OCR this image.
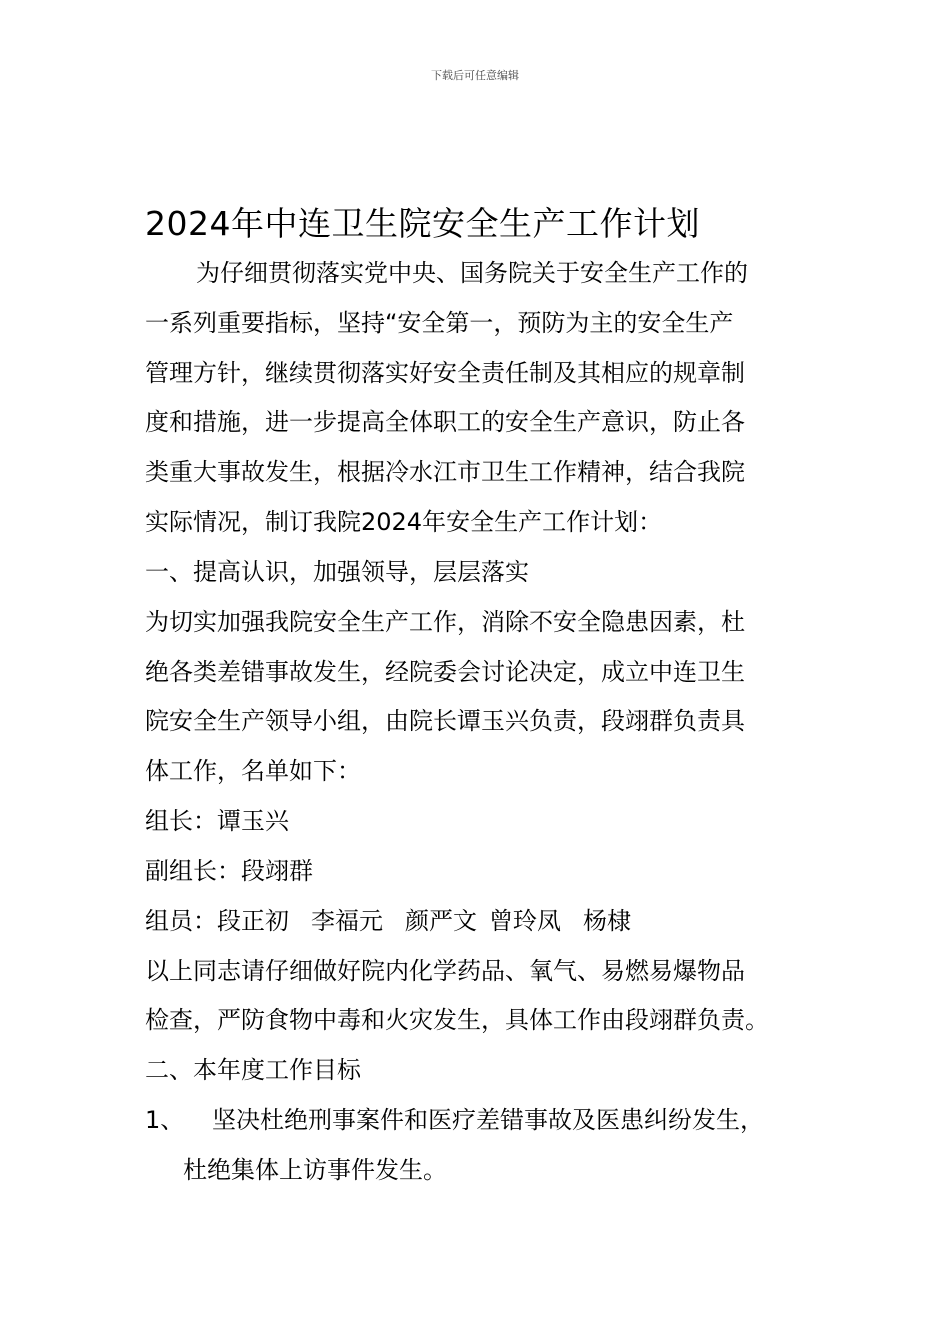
下载后可任意编辑
2024年中连卫生院安全生产工作计划
为仔细贯彻落实党中央、国务院关于安全生产工作的
一系列重要指标，坚持“安全第一，预防为主的安全生产
管理方针，继续贯彻落实好安全责任制及其相应的规章制
度和措施，进一步提高全体职工的安全生产意识，防止各
类重大事故发生，根据冷水江市卫生工作精神，结合我院
实际情况，制订我院2024年安全生产工作计划：
一、提高认识，加强领导，层层落实
为切实加强我院安全生产工作，消除不安全隐患因素，杜
绝各类差错事故发生，经院委会讨论决定，成立中连卫生
院安全生产领导小组，由院长谭玉兴负责，段翊群负责具
体工作，名单如下：
组长：谭玉兴
副组长：段翊群
组员：段正初 李福元 颜严文 曾玲凤 杨棣
以上同志请仔细做好院内化学药品、氧气、易燃易爆物品
检查，严防食物中毒和火灾发生，具体工作由段翊群负责。
二、本年度工作目标
1、 坚决杜绝刑事案件和医疗差错事故及医患纠纷发生，
杜绝集体上访事件发生。
